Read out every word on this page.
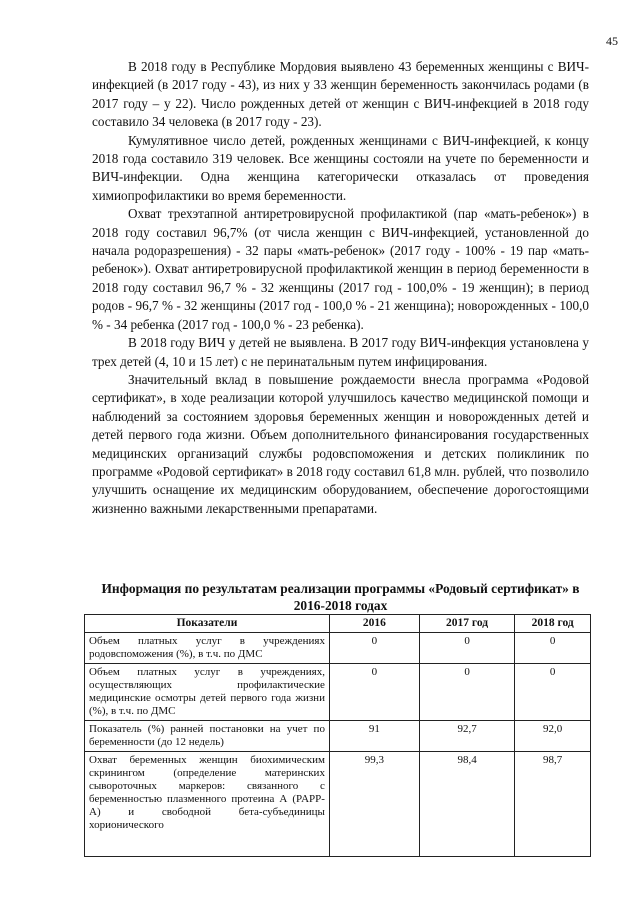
45

В 2018 году в Республике Мордовия выявлено 43 беременных женщины с ВИЧ-инфекцией (в 2017 году - 43), из них у 33 женщин беременность закончилась родами (в 2017 году – у 22). Число рожденных детей от женщин с ВИЧ-инфекцией в 2018 году составило 34 человека (в 2017 году - 23).

Кумулятивное число детей, рожденных женщинами с ВИЧ-инфекцией, к концу 2018 года составило 319 человек. Все женщины состояли на учете по беременности и ВИЧ-инфекции. Одна женщина категорически отказалась от проведения химиопрофилактики во время беременности.

Охват трехэтапной антиретровирусной профилактикой (пар «мать-ребенок») в 2018 году составил 96,7% (от числа женщин с ВИЧ-инфекцией, установленной до начала родоразрешения) - 32 пары «мать-ребенок» (2017 году - 100% - 19 пар «мать-ребенок»). Охват антиретровирусной профилактикой женщин в период беременности в 2018 году составил 96,7 % - 32 женщины (2017 год - 100,0% - 19 женщин); в период родов - 96,7 % - 32 женщины (2017 год - 100,0 % - 21 женщина); новорожденных - 100,0 % - 34 ребенка (2017 год - 100,0 % - 23 ребенка).

В 2018 году ВИЧ у детей не выявлена. В 2017 году ВИЧ-инфекция установлена у трех детей (4, 10 и 15 лет) с не перинатальным путем инфицирования.

Значительный вклад в повышение рождаемости внесла программа «Родовой сертификат», в ходе реализации которой улучшилось качество медицинской помощи и наблюдений за состоянием здоровья беременных женщин и новорожденных детей и детей первого года жизни. Объем дополнительного финансирования государственных медицинских организаций службы родовспоможения и детских поликлиник по программе «Родовой сертификат» в 2018 году составил 61,8 млн. рублей, что позволило улучшить оснащение их медицинским оборудованием, обеспечение дорогостоящими жизненно важными лекарственными препаратами.

Информация по результатам реализации программы «Родовый сертификат» в 2016-2018 годах
Показатели	2016	2017 год	2018 год
Объем платных услуг в учреждениях родовспоможения (%), в т.ч. по ДМС	0	0	0
Объем платных услуг в учреждениях, осуществляющих профилактические медицинские осмотры детей первого года жизни (%), в т.ч. по ДМС	0	0	0
Показатель (%) ранней постановки на учет по беременности (до 12 недель)	91	92,7	92,0

Охват беременных женщин биохимическим скринингом (определение материнских сывороточных маркеров: связанного с беременностью плазменного протеина А (PAPP-A) и свободной бета-субъединицы хорионического	99,3	98,4	98,7
